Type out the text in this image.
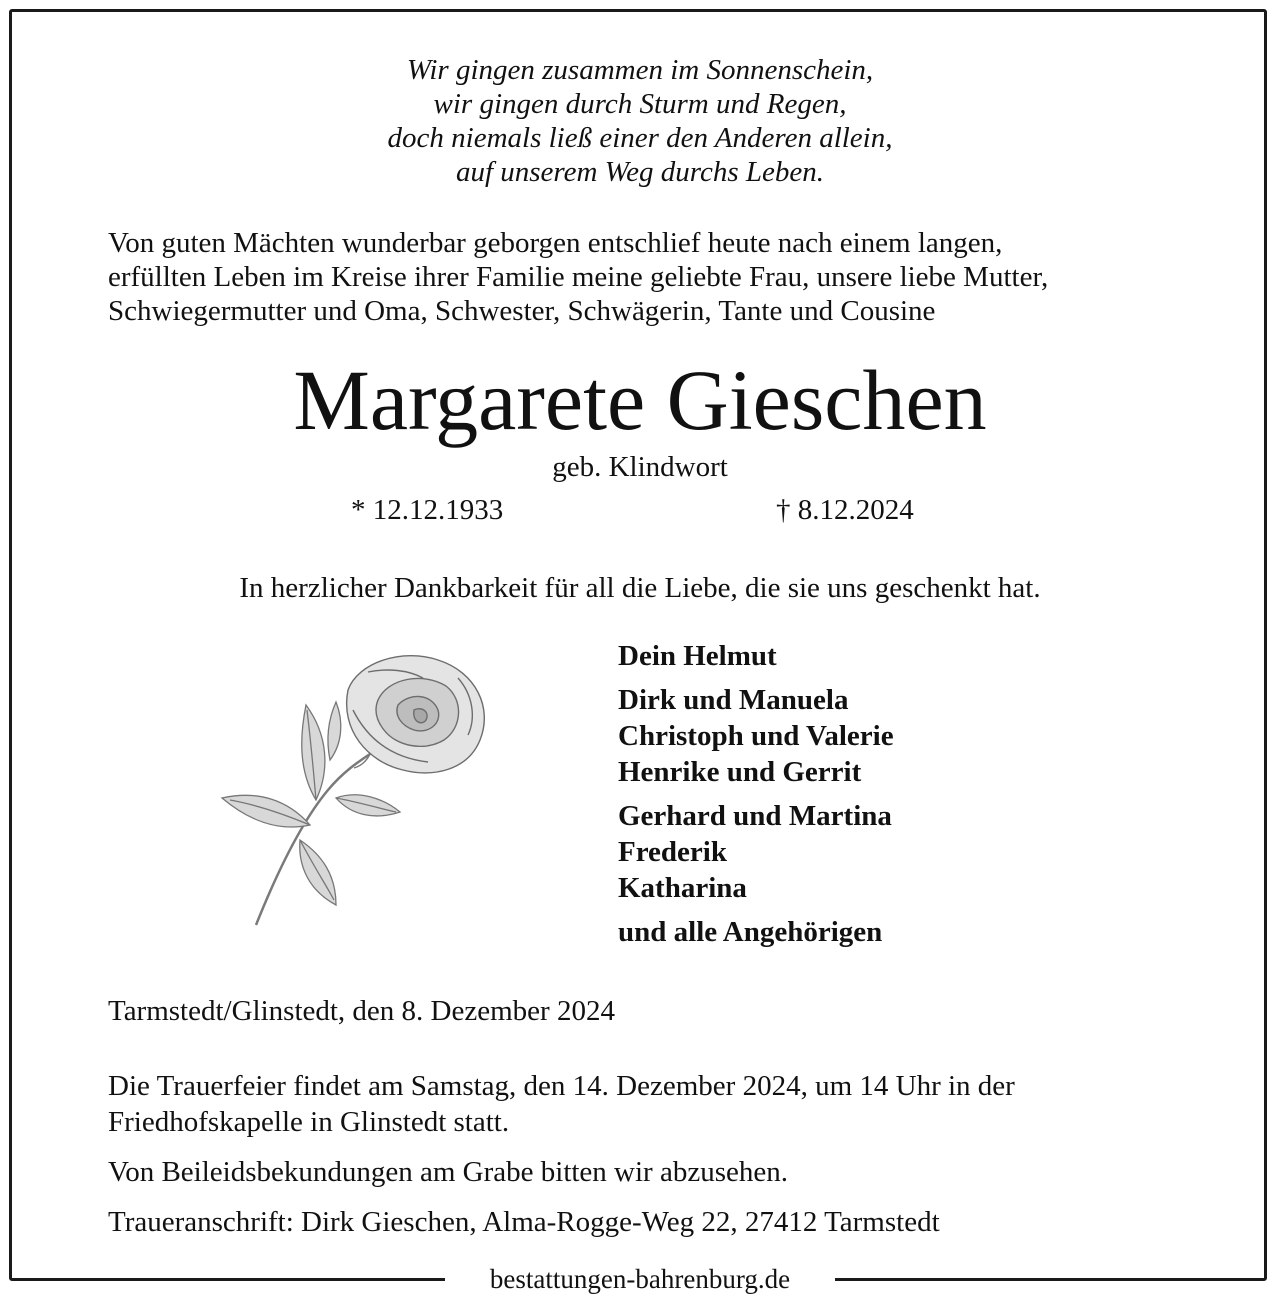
bestattungen-bahrenburg.de
Wir gingen zusammen im Sonnenschein,
wir gingen durch Sturm und Regen,
doch niemals ließ einer den Anderen allein,
auf unserem Weg durchs Leben.
Von guten Mächten wunderbar geborgen entschlief heute nach einem langen,
erfüllten Leben im Kreise ihrer Familie meine geliebte Frau, unsere liebe Mutter,
Schwiegermutter und Oma, Schwester, Schwägerin, Tante und Cousine
Margarete Gieschen
geb. Klindwort
* 12.12.1933	† 8.12.2024
In herzlicher Dankbarkeit für all die Liebe, die sie uns geschenkt hat.
Dein Helmut
Dirk und Manuela
Christoph und Valerie
Henrike und Gerrit
Gerhard und Martina
Frederik
Katharina
und alle Angehörigen
Tarmstedt/Glinstedt, den 8. Dezember 2024
Die Trauerfeier findet am Samstag, den 14. Dezember 2024, um 14 Uhr in der
Friedhofskapelle in Glinstedt statt.
Von Beileidsbekundungen am Grabe bitten wir abzusehen.
Traueranschrift: Dirk Gieschen, Alma-Rogge-Weg 22, 27412 Tarmstedt
